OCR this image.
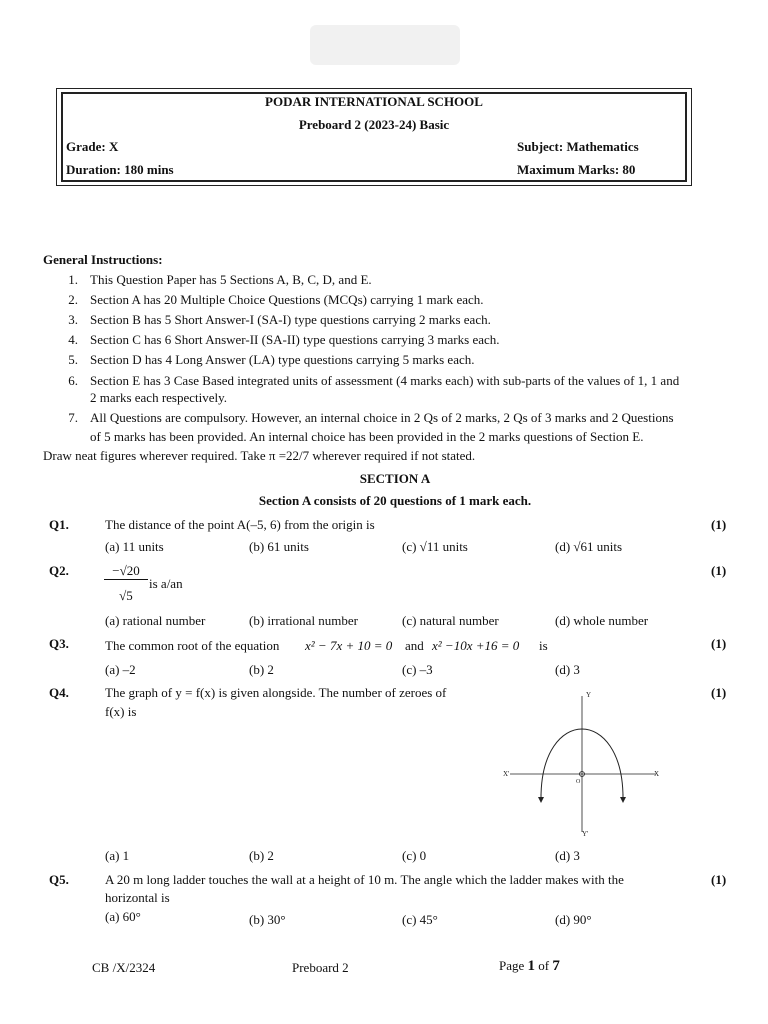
PODAR INTERNATIONAL SCHOOL
Preboard 2 (2023-24) Basic
Grade: X	Subject: Mathematics
Duration: 180 mins	Maximum Marks: 80
General Instructions:
1. This Question Paper has 5 Sections A, B, C, D, and E.
2. Section A has 20 Multiple Choice Questions (MCQs) carrying 1 mark each.
3. Section B has 5 Short Answer-I (SA-I) type questions carrying 2 marks each.
4. Section C has 6 Short Answer-II (SA-II) type questions carrying 3 marks each.
5. Section D has 4 Long Answer (LA) type questions carrying 5 marks each.
6. Section E has 3 Case Based integrated units of assessment (4 marks each) with sub-parts of the values of 1, 1 and
2 marks each respectively.
7. All Questions are compulsory. However, an internal choice in 2 Qs of 2 marks, 2 Qs of 3 marks and 2 Questions
of 5 marks has been provided. An internal choice has been provided in the 2 marks questions of Section E.
Draw neat figures wherever required. Take π =22/7 wherever required if not stated.
SECTION A
Section A consists of 20 questions of 1 mark each.
Q1.	The distance of the point A(–5, 6) from the origin is	(1)
(a) 11 units	(b) 61 units	(c) √11 units	(d) √61 units
Q2.	−√20
√5
is a/an
(1)
(a) rational number	(b) irrational number	(c) natural number	(d) whole number
Q3.	The common root of the equation x² − 7x + 10 = 0 and x² −10x +16 = 0 is	(1)
(a) –2	(b) 2	(c) –3	(d) 3
Q4.	The graph of y = f(x) is given alongside. The number of zeroes of
f(x) is
(1)
Y
Y'
X
X'
O
(a) 1	(b) 2	(c) 0	(d) 3
Q5.	A 20 m long ladder touches the wall at a height of 10 m. The angle which the ladder makes with the
horizontal is
(1)
(a) 60°	(b) 30°	(c) 45°	(d) 90°
CB /X/2324	Preboard 2	Page 1 of 7
